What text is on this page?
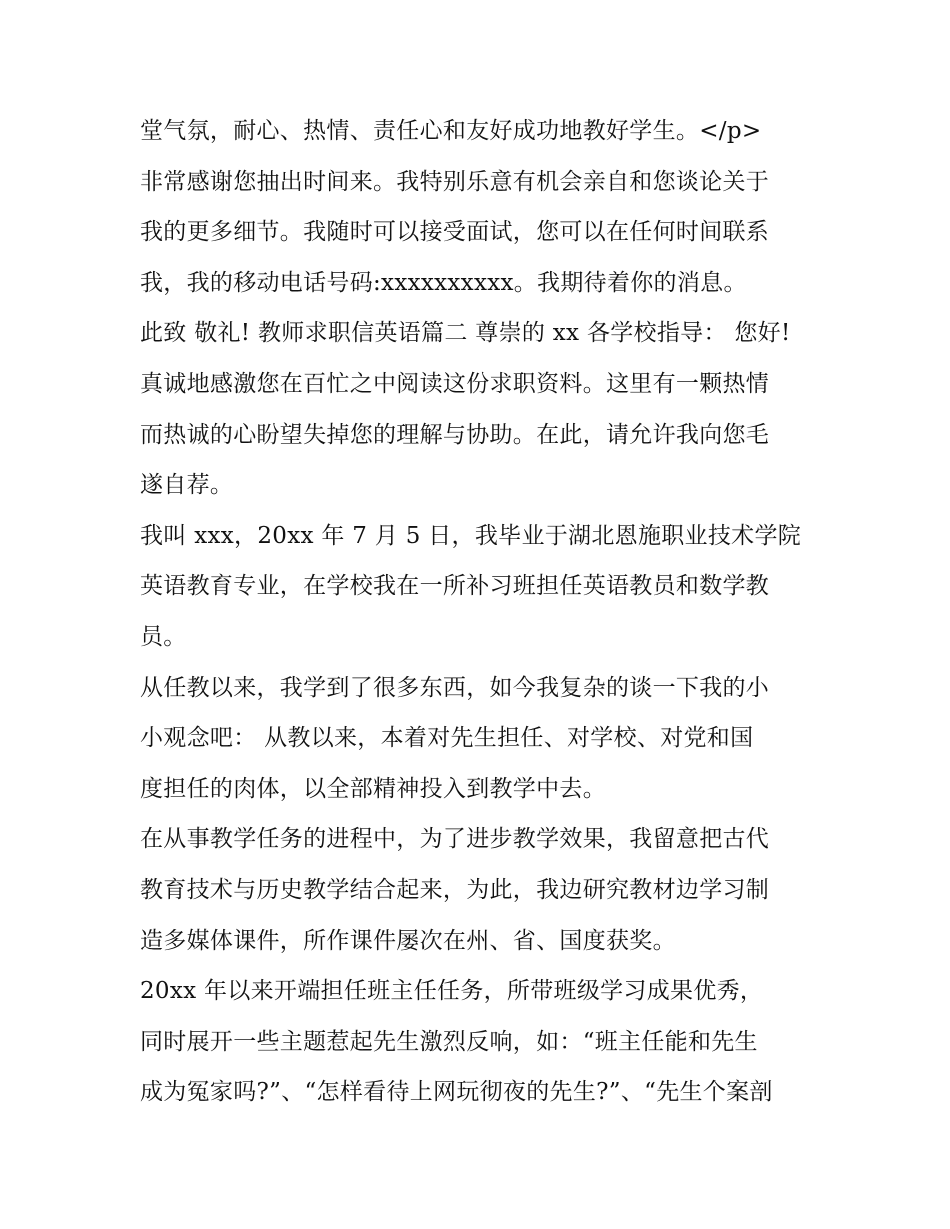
堂气氛，耐心、热情、责任心和友好成功地教好学生。</p>
非常感谢您抽出时间来。我特别乐意有机会亲自和您谈论关于
我的更多细节。我随时可以接受面试，您可以在任何时间联系
我，我的移动电话号码:xxxxxxxxxx。我期待着你的消息。
此致 敬礼! 教师求职信英语篇二 尊崇的 xx 各学校指导： 您好!
真诚地感激您在百忙之中阅读这份求职资料。这里有一颗热情
而热诚的心盼望失掉您的理解与协助。在此，请允许我向您毛
遂自荐。
我叫 xxx，20xx 年 7 月 5 日，我毕业于湖北恩施职业技术学院
英语教育专业，在学校我在一所补习班担任英语教员和数学教
员。
从任教以来，我学到了很多东西，如今我复杂的谈一下我的小
小观念吧： 从教以来，本着对先生担任、对学校、对党和国
度担任的肉体，以全部精神投入到教学中去。
在从事教学任务的进程中，为了进步教学效果，我留意把古代
教育技术与历史教学结合起来，为此，我边研究教材边学习制
造多媒体课件，所作课件屡次在州、省、国度获奖。
20xx 年以来开端担任班主任任务，所带班级学习成果优秀，
同时展开一些主题惹起先生激烈反响，如：“班主任能和先生
成为冤家吗?”、“怎样看待上网玩彻夜的先生?”、“先生个案剖
